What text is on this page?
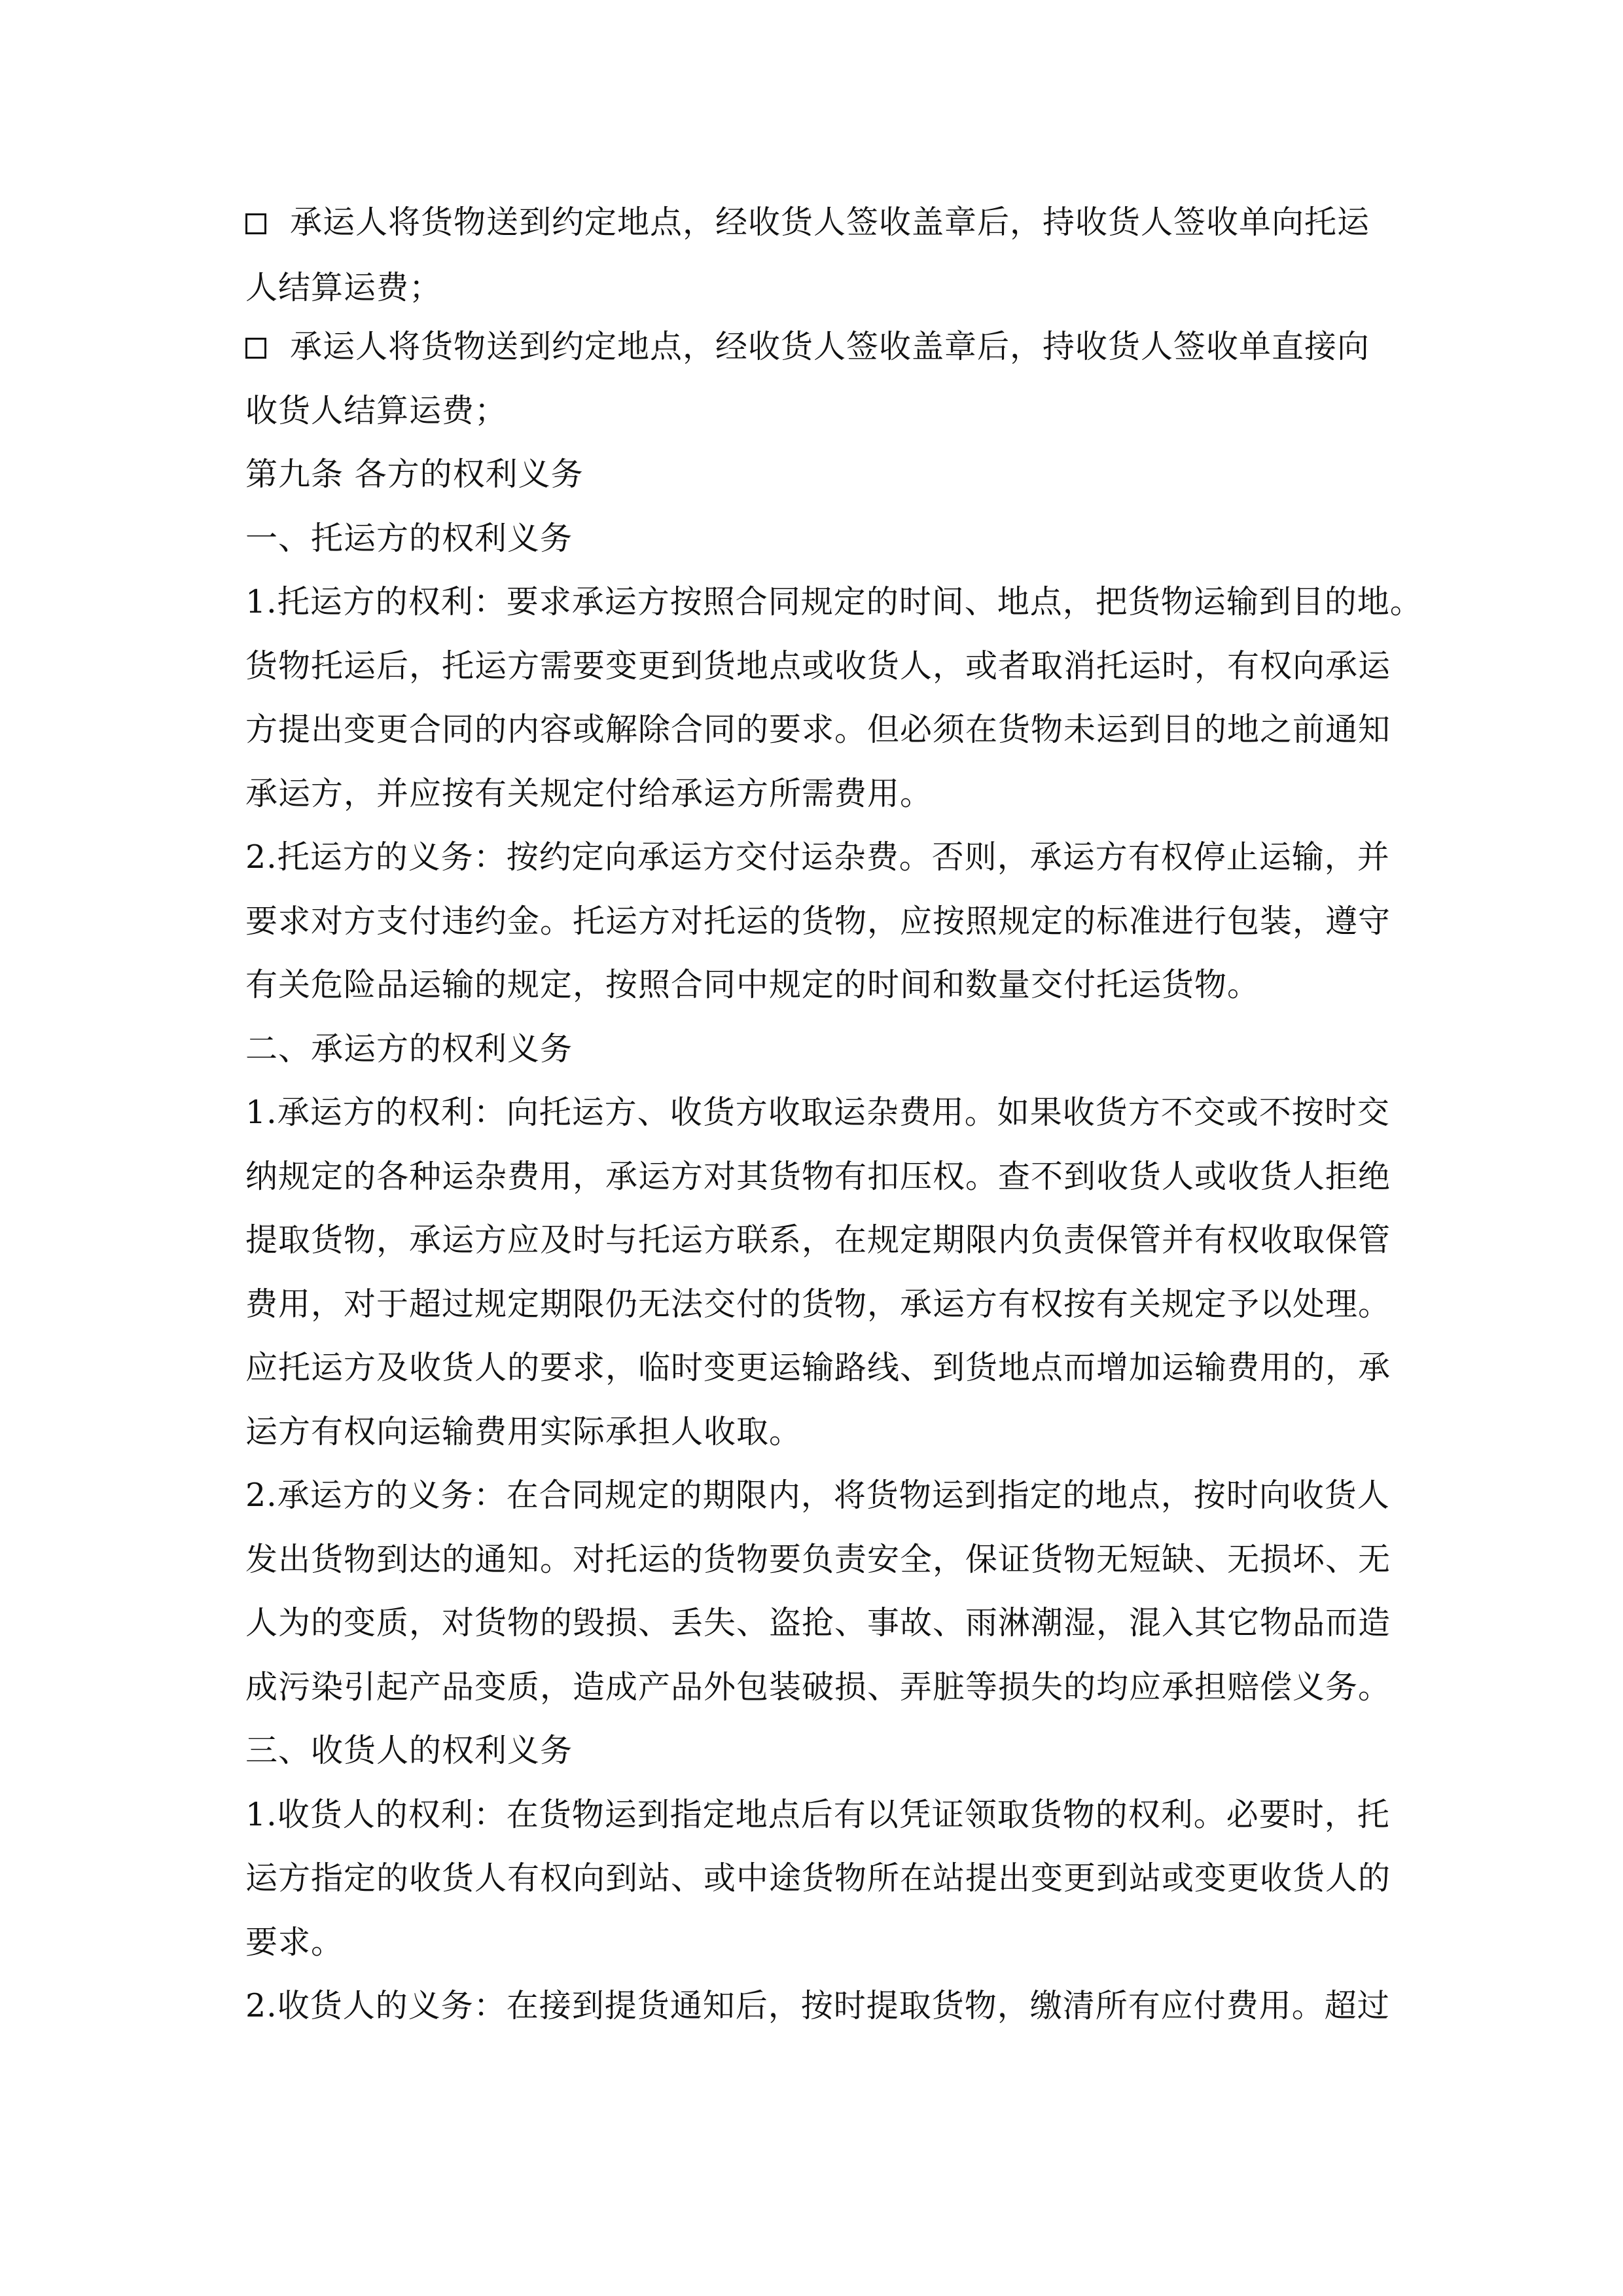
承运人将货物送到约定地点，经收货人签收盖章后，持收货人签收单向托运
人结算运费；
承运人将货物送到约定地点，经收货人签收盖章后，持收货人签收单直接向
收货人结算运费；
第九条 各方的权利义务
一、托运方的权利义务
1.托运方的权利：要求承运方按照合同规定的时间、地点，把货物运输到目的地。
货物托运后，托运方需要变更到货地点或收货人，或者取消托运时，有权向承运
方提出变更合同的内容或解除合同的要求。但必须在货物未运到目的地之前通知
承运方，并应按有关规定付给承运方所需费用。
2.托运方的义务：按约定向承运方交付运杂费。否则，承运方有权停止运输，并
要求对方支付违约金。托运方对托运的货物，应按照规定的标准进行包装，遵守
有关危险品运输的规定，按照合同中规定的时间和数量交付托运货物。
二、承运方的权利义务
1.承运方的权利：向托运方、收货方收取运杂费用。如果收货方不交或不按时交
纳规定的各种运杂费用，承运方对其货物有扣压权。查不到收货人或收货人拒绝
提取货物，承运方应及时与托运方联系，在规定期限内负责保管并有权收取保管
费用，对于超过规定期限仍无法交付的货物，承运方有权按有关规定予以处理。
应托运方及收货人的要求，临时变更运输路线、到货地点而增加运输费用的，承
运方有权向运输费用实际承担人收取。
2.承运方的义务：在合同规定的期限内，将货物运到指定的地点，按时向收货人
发出货物到达的通知。对托运的货物要负责安全，保证货物无短缺、无损坏、无
人为的变质，对货物的毁损、丢失、盗抢、事故、雨淋潮湿，混入其它物品而造
成污染引起产品变质，造成产品外包装破损、弄脏等损失的均应承担赔偿义务。
三、收货人的权利义务
1.收货人的权利：在货物运到指定地点后有以凭证领取货物的权利。必要时，托
运方指定的收货人有权向到站、或中途货物所在站提出变更到站或变更收货人的
要求。
2.收货人的义务：在接到提货通知后，按时提取货物，缴清所有应付费用。超过
